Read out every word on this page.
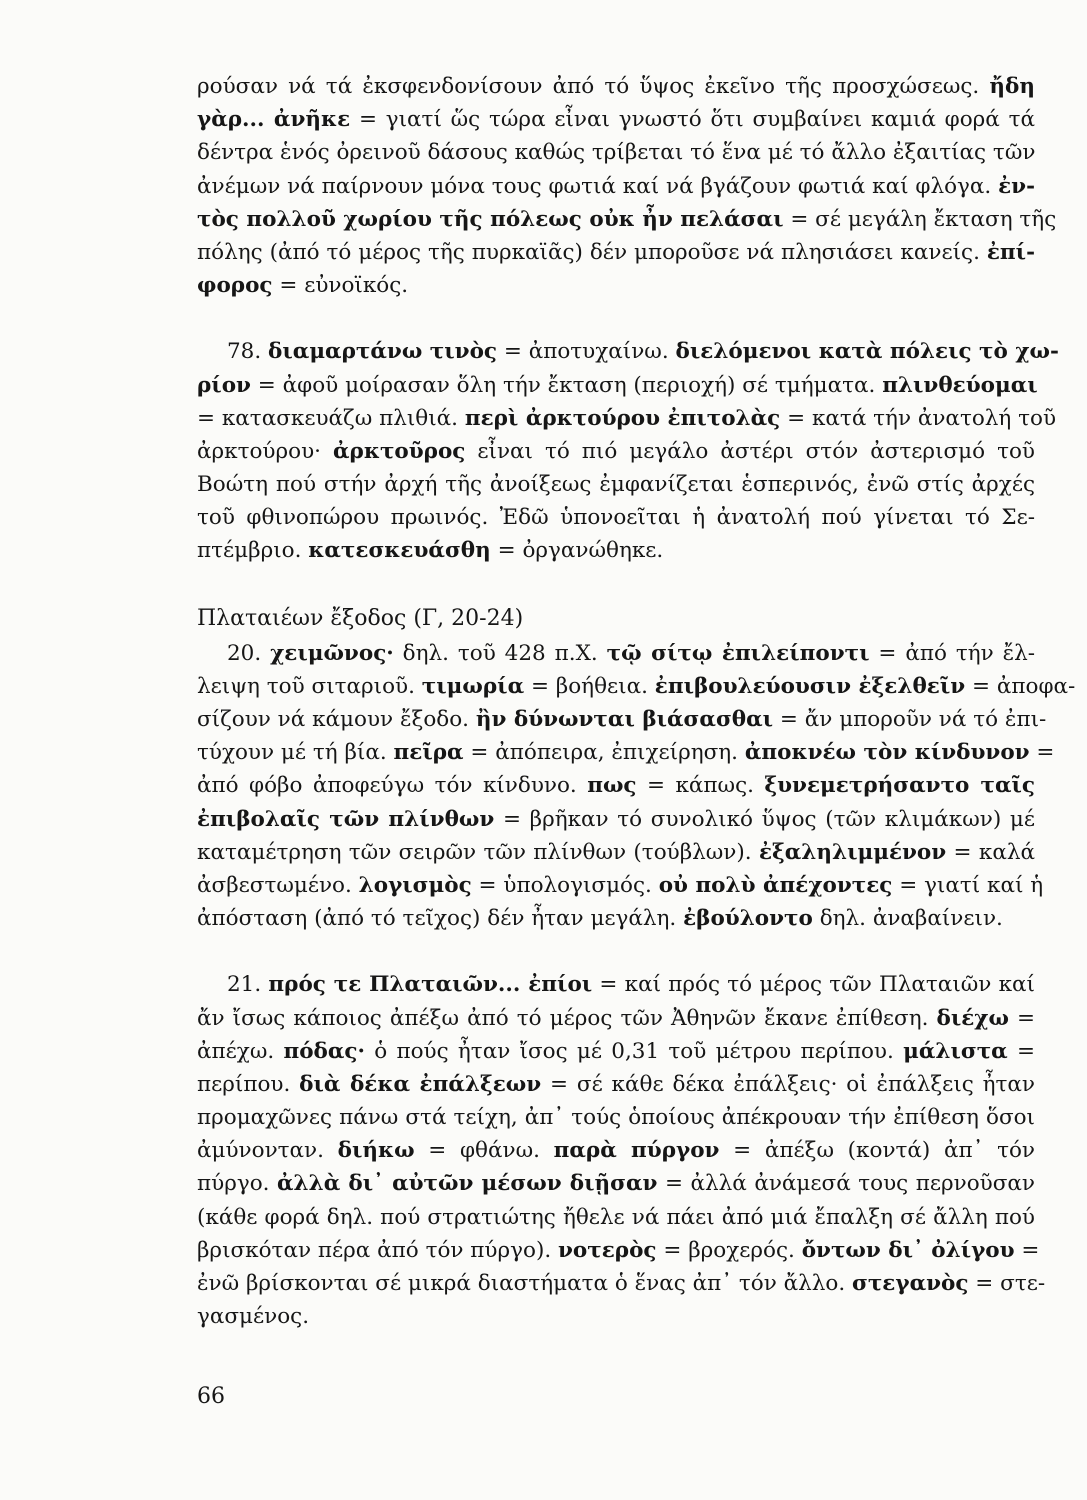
ρούσαν νά τά ἐκσφενδονίσουν ἀπό τό ὕψος ἐκεῖνο τῆς προσχώσεως. ἤδη
γὰρ... ἀνῆκε = γιατί ὥς τώρα εἶναι γνωστό ὅτι συμβαίνει καμιά φορά τά
δέντρα ἑνός ὀρεινοῦ δάσους καθώς τρίβεται τό ἕνα μέ τό ἄλλο ἐξαιτίας τῶν
ἀνέμων νά παίρνουν μόνα τους φωτιά καί νά βγάζουν φωτιά καί φλόγα. ἐν-
τὸς πολλοῦ χωρίου τῆς πόλεως οὐκ ἦν πελάσαι = σέ μεγάλη ἔκταση τῆς
πόλης (ἀπό τό μέρος τῆς πυρκαϊᾶς) δέν μποροῦσε νά πλησιάσει κανείς. ἐπί-
φορος = εὐνοϊκός.
78. διαμαρτάνω τινὸς = ἀποτυχαίνω. διελόμενοι κατὰ πόλεις τὸ χω-
ρίον = ἀφοῦ μοίρασαν ὅλη τήν ἔκταση (περιοχή) σέ τμήματα. πλινθεύομαι
= κατασκευάζω πλιθιά. περὶ ἀρκτούρου ἐπιτολὰς = κατά τήν ἀνατολή τοῦ
ἀρκτούρου· ἀρκτοῦρος εἶναι τό πιό μεγάλο ἀστέρι στόν ἀστερισμό τοῦ
Βοώτη πού στήν ἀρχή τῆς ἀνοίξεως ἐμφανίζεται ἑσπερινός, ἐνῶ στίς ἀρχές
τοῦ φθινοπώρου πρωινός. Ἐδῶ ὑπονοεῖται ἡ ἀνατολή πού γίνεται τό Σε-
πτέμβριο. κατεσκευάσθη = ὀργανώθηκε.
Πλαταιέων ἔξοδος (Γ, 20-24)
20. χειμῶνος· δηλ. τοῦ 428 π.Χ. τῷ σίτῳ ἐπιλείποντι = ἀπό τήν ἔλ-
λειψη τοῦ σιταριοῦ. τιμωρία = βοήθεια. ἐπιβουλεύουσιν ἐξελθεῖν = ἀποφα-
σίζουν νά κάμουν ἔξοδο. ἢν δύνωνται βιάσασθαι = ἄν μποροῦν νά τό ἐπι-
τύχουν μέ τή βία. πεῖρα = ἀπόπειρα, ἐπιχείρηση. ἀποκνέω τὸν κίνδυνον =
ἀπό φόβο ἀποφεύγω τόν κίνδυνο. πως = κάπως. ξυνεμετρήσαντο ταῖς
ἐπιβολαῖς τῶν πλίνθων = βρῆκαν τό συνολικό ὕψος (τῶν κλιμάκων) μέ
καταμέτρηση τῶν σειρῶν τῶν πλίνθων (τούβλων). ἐξαληλιμμένον = καλά
ἀσβεστωμένο. λογισμὸς = ὑπολογισμός. οὐ πολὺ ἀπέχοντες = γιατί καί ἡ
ἀπόσταση (ἀπό τό τεῖχος) δέν ἦταν μεγάλη. ἐβούλοντο δηλ. ἀναβαίνειν.
21. πρός τε Πλαταιῶν... ἐπίοι = καί πρός τό μέρος τῶν Πλαταιῶν καί
ἄν ἴσως κάποιος ἀπέξω ἀπό τό μέρος τῶν Ἀθηνῶν ἔκανε ἐπίθεση. διέχω =
ἀπέχω. πόδας· ὁ πούς ἦταν ἴσος μέ 0,31 τοῦ μέτρου περίπου. μάλιστα =
περίπου. διὰ δέκα ἐπάλξεων = σέ κάθε δέκα ἐπάλξεις· οἱ ἐπάλξεις ἦταν
προμαχῶνες πάνω στά τείχη, ἀπ᾽ τούς ὁποίους ἀπέκρουαν τήν ἐπίθεση ὅσοι
ἀμύνονταν. διήκω = φθάνω. παρὰ πύργον = ἀπέξω (κοντά) ἀπ᾽ τόν
πύργο. ἀλλὰ δι᾽ αὐτῶν μέσων διῇσαν = ἀλλά ἀνάμεσά τους περνοῦσαν
(κάθε φορά δηλ. πού στρατιώτης ἤθελε νά πάει ἀπό μιά ἔπαλξη σέ ἄλλη πού
βρισκόταν πέρα ἀπό τόν πύργο). νοτερὸς = βροχερός. ὄντων δι᾽ ὀλίγου =
ἐνῶ βρίσκονται σέ μικρά διαστήματα ὁ ἕνας ἀπ᾽ τόν ἄλλο. στεγανὸς = στε-
γασμένος.
66
